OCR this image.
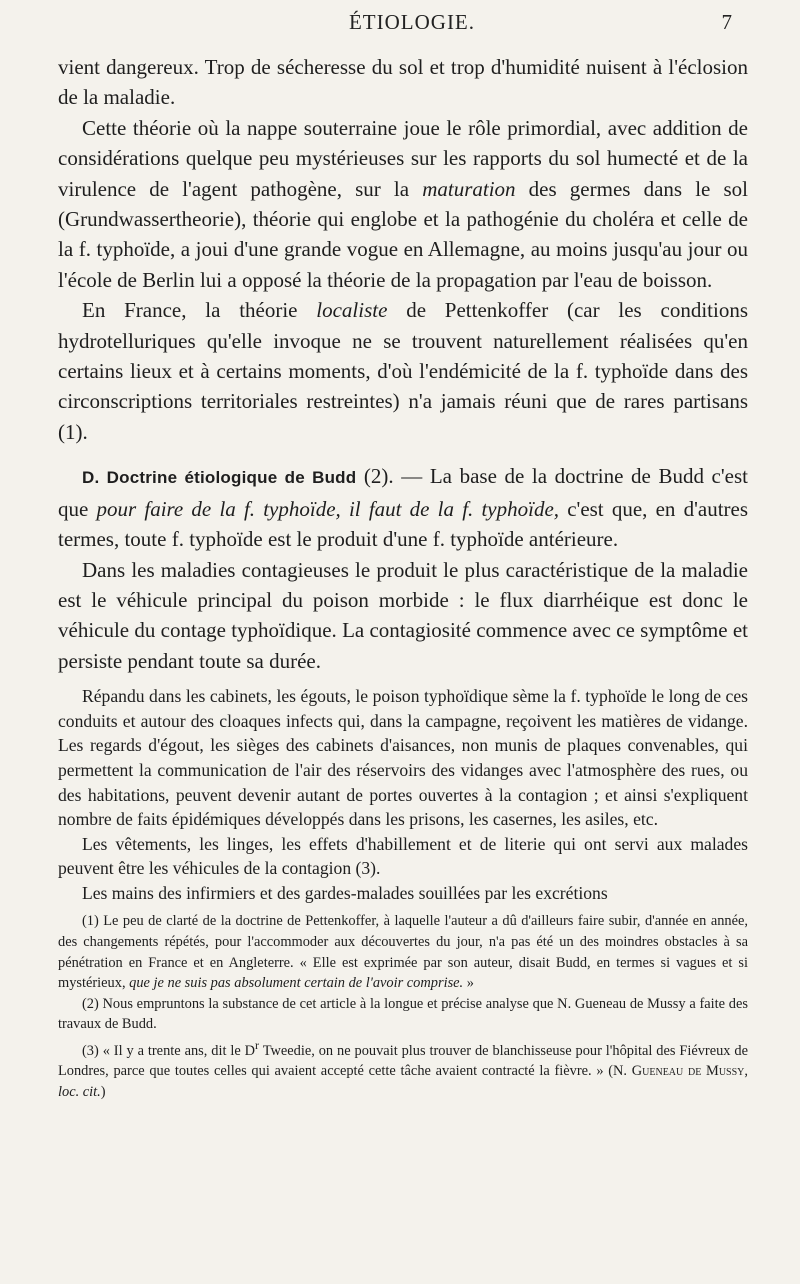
ÉTIOLOGIE.	7

vient dangereux. Trop de sécheresse du sol et trop d'humidité nuisent à l'éclosion de la maladie.

Cette théorie où la nappe souterraine joue le rôle primordial, avec addition de considérations quelque peu mystérieuses sur les rapports du sol humecté et de la virulence de l'agent pathogène, sur la maturation des germes dans le sol (Grundwassertheorie), théorie qui englobe et la pathogénie du choléra et celle de la f. typhoïde, a joui d'une grande vogue en Allemagne, au moins jusqu'au jour ou l'école de Berlin lui a opposé la théorie de la propagation par l'eau de boisson.

En France, la théorie localiste de Pettenkoffer (car les conditions hydrotelluriques qu'elle invoque ne se trouvent naturellement réalisées qu'en certains lieux et à certains moments, d'où l'endémicité de la f. typhoïde dans des circonscriptions territoriales restreintes) n'a jamais réuni que de rares partisans (1).

D. Doctrine étiologique de Budd (2). — La base de la doctrine de Budd c'est que pour faire de la f. typhoïde, il faut de la f. typhoïde, c'est que, en d'autres termes, toute f. typhoïde est le produit d'une f. typhoïde antérieure.

Dans les maladies contagieuses le produit le plus caractéristique de la maladie est le véhicule principal du poison morbide : le flux diarrhéique est donc le véhicule du contage typhoïdique. La contagiosité commence avec ce symptôme et persiste pendant toute sa durée.

Répandu dans les cabinets, les égouts, le poison typhoïdique sème la f. typhoïde le long de ces conduits et autour des cloaques infects qui, dans la campagne, reçoivent les matières de vidange. Les regards d'égout, les sièges des cabinets d'aisances, non munis de plaques convenables, qui permettent la communication de l'air des réservoirs des vidanges avec l'atmosphère des rues, ou des habitations, peuvent devenir autant de portes ouvertes à la contagion ; et ainsi s'expliquent nombre de faits épidémiques développés dans les prisons, les casernes, les asiles, etc.

Les vêtements, les linges, les effets d'habillement et de literie qui ont servi aux malades peuvent être les véhicules de la contagion (3).

Les mains des infirmiers et des gardes-malades souillées par les excrétions

(1) Le peu de clarté de la doctrine de Pettenkoffer, à laquelle l'auteur a dû d'ailleurs faire subir, d'année en année, des changements répétés, pour l'accommoder aux découvertes du jour, n'a pas été un des moindres obstacles à sa pénétration en France et en Angleterre. « Elle est exprimée par son auteur, disait Budd, en termes si vagues et si mystérieux, que je ne suis pas absolument certain de l'avoir comprise. »

(2) Nous empruntons la substance de cet article à la longue et précise analyse que N. Gueneau de Mussy a faite des travaux de Budd.

(3) « Il y a trente ans, dit le $D^r$ Tweedie, on ne pouvait plus trouver de blanchisseuse pour l'hôpital des Fiévreux de Londres, parce que toutes celles qui avaient accepté cette tâche avaient contracté la fièvre. » (N. Gueneau de Mussy, loc. cit.)
